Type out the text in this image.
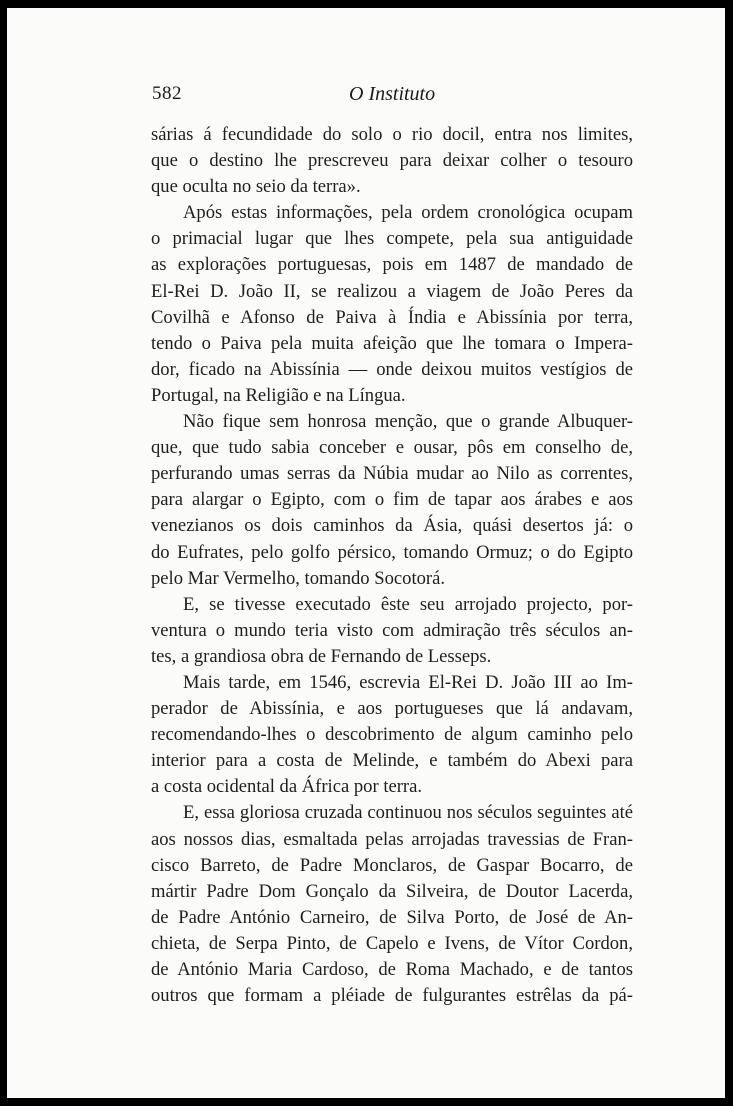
582	O Instituto
sárias á fecundidade do solo o rio docil, entra nos limites,
que o destino lhe prescreveu para deixar colher o tesouro
que oculta no seio da terra».
Após estas informações, pela ordem cronológica ocupam
o primacial lugar que lhes compete, pela sua antiguidade
as explorações portuguesas, pois em 1487 de mandado de
El-Rei D. João II, se realizou a viagem de João Peres da
Covilhã e Afonso de Paiva à Índia e Abissínia por terra,
tendo o Paiva pela muita afeição que lhe tomara o Impera-
dor, ficado na Abissínia — onde deixou muitos vestígios de
Portugal, na Religião e na Língua.
Não fique sem honrosa menção, que o grande Albuquer-
que, que tudo sabia conceber e ousar, pôs em conselho de,
perfurando umas serras da Núbia mudar ao Nilo as correntes,
para alargar o Egipto, com o fim de tapar aos árabes e aos
venezianos os dois caminhos da Ásia, quási desertos já: o
do Eufrates, pelo golfo pérsico, tomando Ormuz; o do Egipto
pelo Mar Vermelho, tomando Socotorá.
E, se tivesse executado êste seu arrojado projecto, por-
ventura o mundo teria visto com admiração três séculos an-
tes, a grandiosa obra de Fernando de Lesseps.
Mais tarde, em 1546, escrevia El-Rei D. João III ao Im-
perador de Abissínia, e aos portugueses que lá andavam,
recomendando-lhes o descobrimento de algum caminho pelo
interior para a costa de Melinde, e também do Abexi para
a costa ocidental da África por terra.
E, essa gloriosa cruzada continuou nos séculos seguintes até
aos nossos dias, esmaltada pelas arrojadas travessias de Fran-
cisco Barreto, de Padre Monclaros, de Gaspar Bocarro, de
mártir Padre Dom Gonçalo da Silveira, de Doutor Lacerda,
de Padre António Carneiro, de Silva Porto, de José de An-
chieta, de Serpa Pinto, de Capelo e Ivens, de Vítor Cordon,
de António Maria Cardoso, de Roma Machado, e de tantos
outros que formam a pléiade de fulgurantes estrêlas da pá-
